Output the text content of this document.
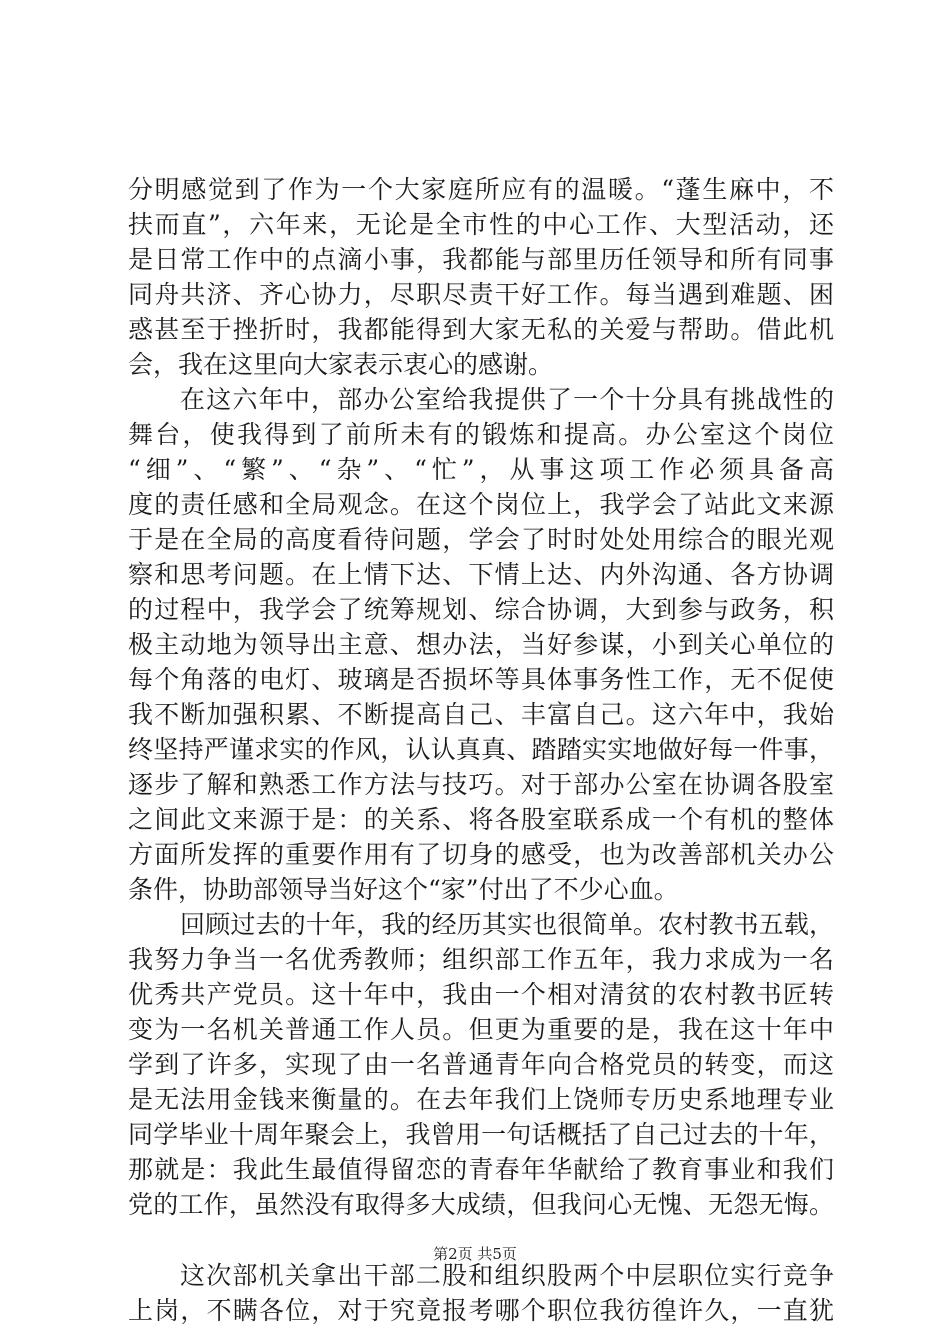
分明感觉到了作为一个大家庭所应有的温暖。“蓬生麻中，不
扶而直”，六年来，无论是全市性的中心工作、大型活动，还
是日常工作中的点滴小事，我都能与部里历任领导和所有同事
同舟共济、齐心协力，尽职尽责干好工作。每当遇到难题、困
惑甚至于挫折时，我都能得到大家无私的关爱与帮助。借此机
会，我在这里向大家表示衷心的感谢。
在这六年中，部办公室给我提供了一个十分具有挑战性的
舞台，使我得到了前所未有的锻炼和提高。办公室这个岗位
“细”、“繁”、“杂”、“忙”，从事这项工作必须具备高
度的责任感和全局观念。在这个岗位上，我学会了站此文来源
于是在全局的高度看待问题，学会了时时处处用综合的眼光观
察和思考问题。在上情下达、下情上达、内外沟通、各方协调
的过程中，我学会了统筹规划、综合协调，大到参与政务，积
极主动地为领导出主意、想办法，当好参谋，小到关心单位的
每个角落的电灯、玻璃是否损坏等具体事务性工作，无不促使
我不断加强积累、不断提高自己、丰富自己。这六年中，我始
终坚持严谨求实的作风，认认真真、踏踏实实地做好每一件事，
逐步了解和熟悉工作方法与技巧。对于部办公室在协调各股室
之间此文来源于是：的关系、将各股室联系成一个有机的整体
方面所发挥的重要作用有了切身的感受，也为改善部机关办公
条件，协助部领导当好这个“家”付出了不少心血。
回顾过去的十年，我的经历其实也很简单。农村教书五载，
我努力争当一名优秀教师；组织部工作五年，我力求成为一名
优秀共产党员。这十年中，我由一个相对清贫的农村教书匠转
变为一名机关普通工作人员。但更为重要的是，我在这十年中
学到了许多，实现了由一名普通青年向合格党员的转变，而这
是无法用金钱来衡量的。在去年我们上饶师专历史系地理专业
同学毕业十周年聚会上，我曾用一句话概括了自己过去的十年，
那就是：我此生最值得留恋的青春年华献给了教育事业和我们
党的工作，虽然没有取得多大成绩，但我问心无愧、无怨无悔。
这次部机关拿出干部二股和组织股两个中层职位实行竞争
上岗，不瞒各位，对于究竟报考哪个职位我彷徨许久，一直犹
第2页 共5页
